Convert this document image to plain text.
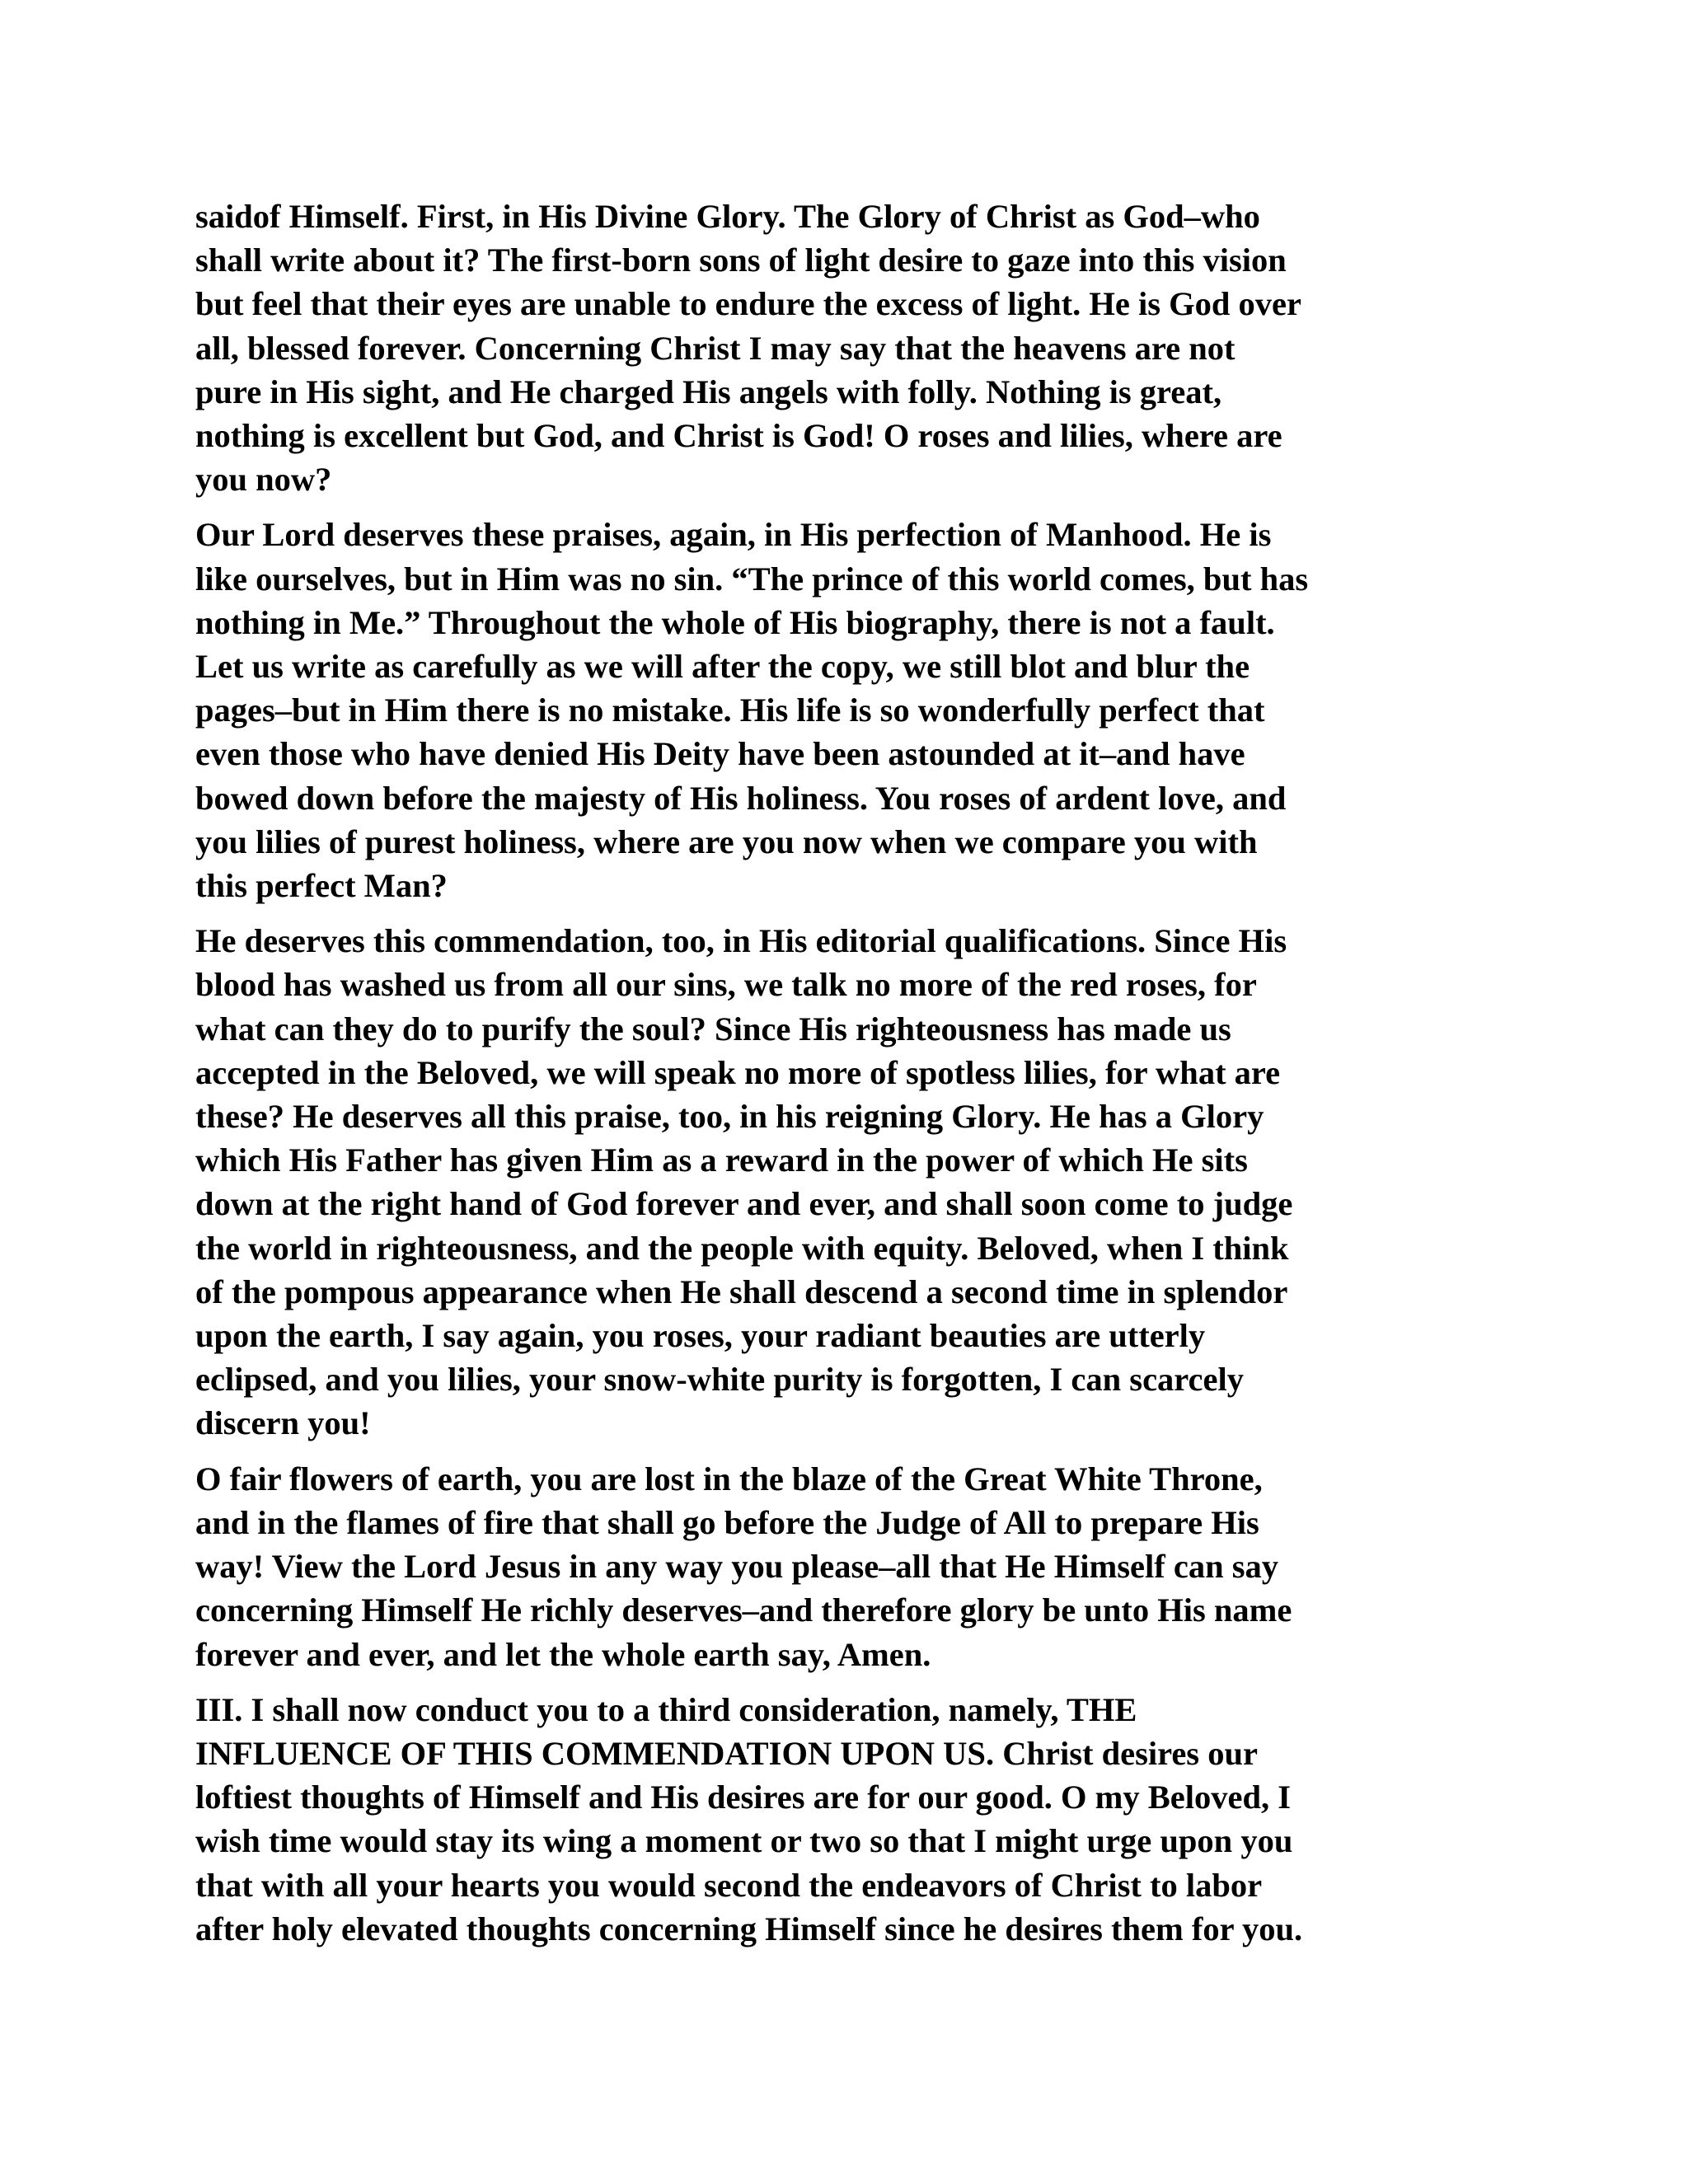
saidof Himself. First, in His Divine Glory. The Glory of Christ as God–who
shall write about it? The first-born sons of light desire to gaze into this vision
but feel that their eyes are unable to endure the excess of light. He is God over
all, blessed forever. Concerning Christ I may say that the heavens are not
pure in His sight, and He charged His angels with folly. Nothing is great,
nothing is excellent but God, and Christ is God! O roses and lilies, where are
you now?

Our Lord deserves these praises, again, in His perfection of Manhood. He is
like ourselves, but in Him was no sin. “The prince of this world comes, but has
nothing in Me.” Throughout the whole of His biography, there is not a fault.
Let us write as carefully as we will after the copy, we still blot and blur the
pages–but in Him there is no mistake. His life is so wonderfully perfect that
even those who have denied His Deity have been astounded at it–and have
bowed down before the majesty of His holiness. You roses of ardent love, and
you lilies of purest holiness, where are you now when we compare you with
this perfect Man?

He deserves this commendation, too, in His editorial qualifications. Since His
blood has washed us from all our sins, we talk no more of the red roses, for
what can they do to purify the soul? Since His righteousness has made us
accepted in the Beloved, we will speak no more of spotless lilies, for what are
these? He deserves all this praise, too, in his reigning Glory. He has a Glory
which His Father has given Him as a reward in the power of which He sits
down at the right hand of God forever and ever, and shall soon come to judge
the world in righteousness, and the people with equity. Beloved, when I think
of the pompous appearance when He shall descend a second time in splendor
upon the earth, I say again, you roses, your radiant beauties are utterly
eclipsed, and you lilies, your snow-white purity is forgotten, I can scarcely
discern you!

O fair flowers of earth, you are lost in the blaze of the Great White Throne,
and in the flames of fire that shall go before the Judge of All to prepare His
way! View the Lord Jesus in any way you please–all that He Himself can say
concerning Himself He richly deserves–and therefore glory be unto His name
forever and ever, and let the whole earth say, Amen.

III. I shall now conduct you to a third consideration, namely, THE
INFLUENCE OF THIS COMMENDATION UPON US. Christ desires our
loftiest thoughts of Himself and His desires are for our good. O my Beloved, I
wish time would stay its wing a moment or two so that I might urge upon you
that with all your hearts you would second the endeavors of Christ to labor
after holy elevated thoughts concerning Himself since he desires them for you.
